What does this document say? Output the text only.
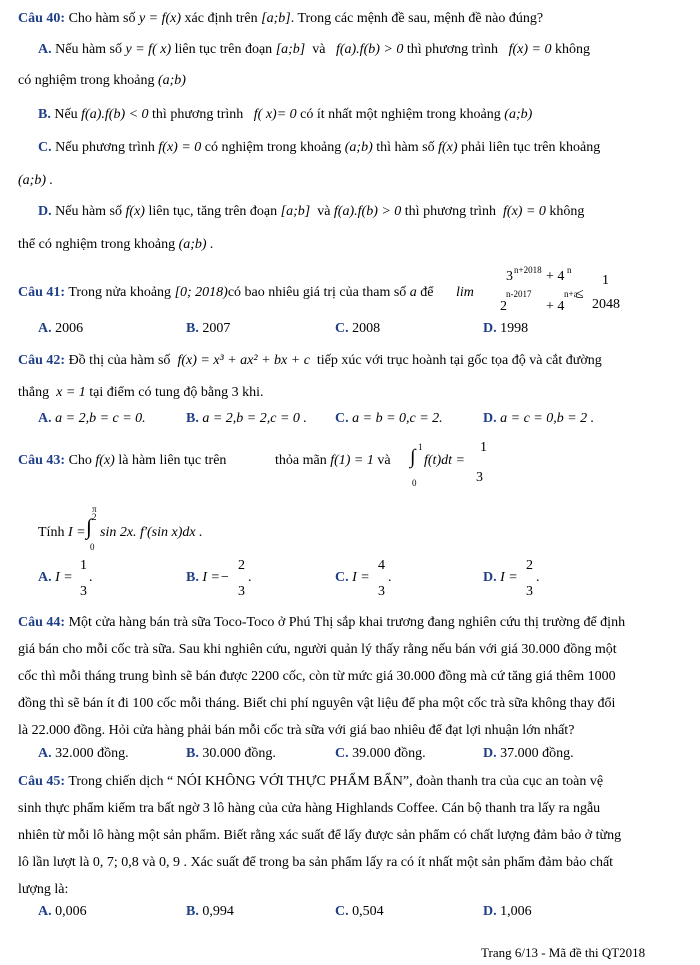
Câu 40: Cho hàm số y = f(x) xác định trên [a;b]. Trong các mệnh đề sau, mệnh đề nào đúng?
A. Nếu hàm số y = f( x) liên tục trên đoạn [a;b] và f(a).f(b) > 0 thì phương trình f(x) = 0 không
có nghiệm trong khoảng (a;b)
B. Nếu f(a).f(b) < 0 thì phương trình f( x)= 0 có ít nhất một nghiệm trong khoảng (a;b)
C. Nếu phương trình f(x) = 0 có nghiệm trong khoảng (a;b) thì hàm số f(x) phải liên tục trên khoảng
(a;b) .
D. Nếu hàm số f(x) liên tục, tăng trên đoạn [a;b] và f(a).f(b) > 0 thì phương trình f(x) = 0 không
thể có nghiệm trong khoảng (a;b) .
Câu 41: Trong nửa khoảng [0; 2018)có bao nhiêu giá trị của tham số a để lim
3 n+2018 + 4 n
n-2017
2	+ 4
n+a
≤
1
2048
A. 2006	B. 2007	C. 2008	D. 1998
Câu 42: Đồ thị của hàm số f(x) = x³ + ax² + bx + c tiếp xúc với trục hoành tại gốc tọa độ và cắt đường
thẳng x = 1 tại điểm có tung độ bằng 3 khi.
A. a = 2,b = c = 0.	B. a = 2,b = 2,c = 0 . C. a = b = 0,c = 2.	D. a = c = 0,b = 2 .
Câu 43: Cho f(x) là hàm liên tục trên	thỏa mãn f(1) = 1 và ∫ 1
0
f(t)dt =
1
3
Tính I =
π
2
∫
0
sin 2x. f′(sin x)dx .
A. I =
1
3
.	B. I =−
2
3
.	C. I =
4
3
.	D. I =
2
3
.
Câu 44: Một cửa hàng bán trà sữa Toco-Toco ở Phú Thị sắp khai trương đang nghiên cứu thị trường để định
giá bán cho mỗi cốc trà sữa. Sau khi nghiên cứu, người quản lý thấy rằng nếu bán với giá 30.000 đồng một
cốc thì mỗi tháng trung bình sẽ bán được 2200 cốc, còn từ mức giá 30.000 đồng mà cứ tăng giá thêm 1000
đồng thì sẽ bán ít đi 100 cốc mỗi tháng. Biết chi phí nguyên vật liệu để pha một cốc trà sữa không thay đổi
là 22.000 đồng. Hỏi cửa hàng phải bán mỗi cốc trà sữa với giá bao nhiêu để đạt lợi nhuận lớn nhất?
A. 32.000 đồng.	B. 30.000 đồng.	C. 39.000 đồng.	D. 37.000 đồng.
Câu 45: Trong chiến dịch “ NÓI KHÔNG VỚI THỰC PHẨM BẨN”, đoàn thanh tra của cục an toàn vệ
sinh thực phẩm kiểm tra bất ngờ 3 lô hàng của cửa hàng Highlands Coffee. Cán bộ thanh tra lấy ra ngẫu
nhiên từ mỗi lô hàng một sản phẩm. Biết rằng xác suất để lấy được sản phẩm có chất lượng đảm bảo ở từng
lô lần lượt là 0, 7; 0,8 và 0, 9 . Xác suất để trong ba sản phẩm lấy ra có ít nhất một sản phẩm đảm bảo chất
lượng là:
A. 0,006	B. 0,994	C. 0,504	D. 1,006
Trang 6/13 - Mã đề thi QT2018
